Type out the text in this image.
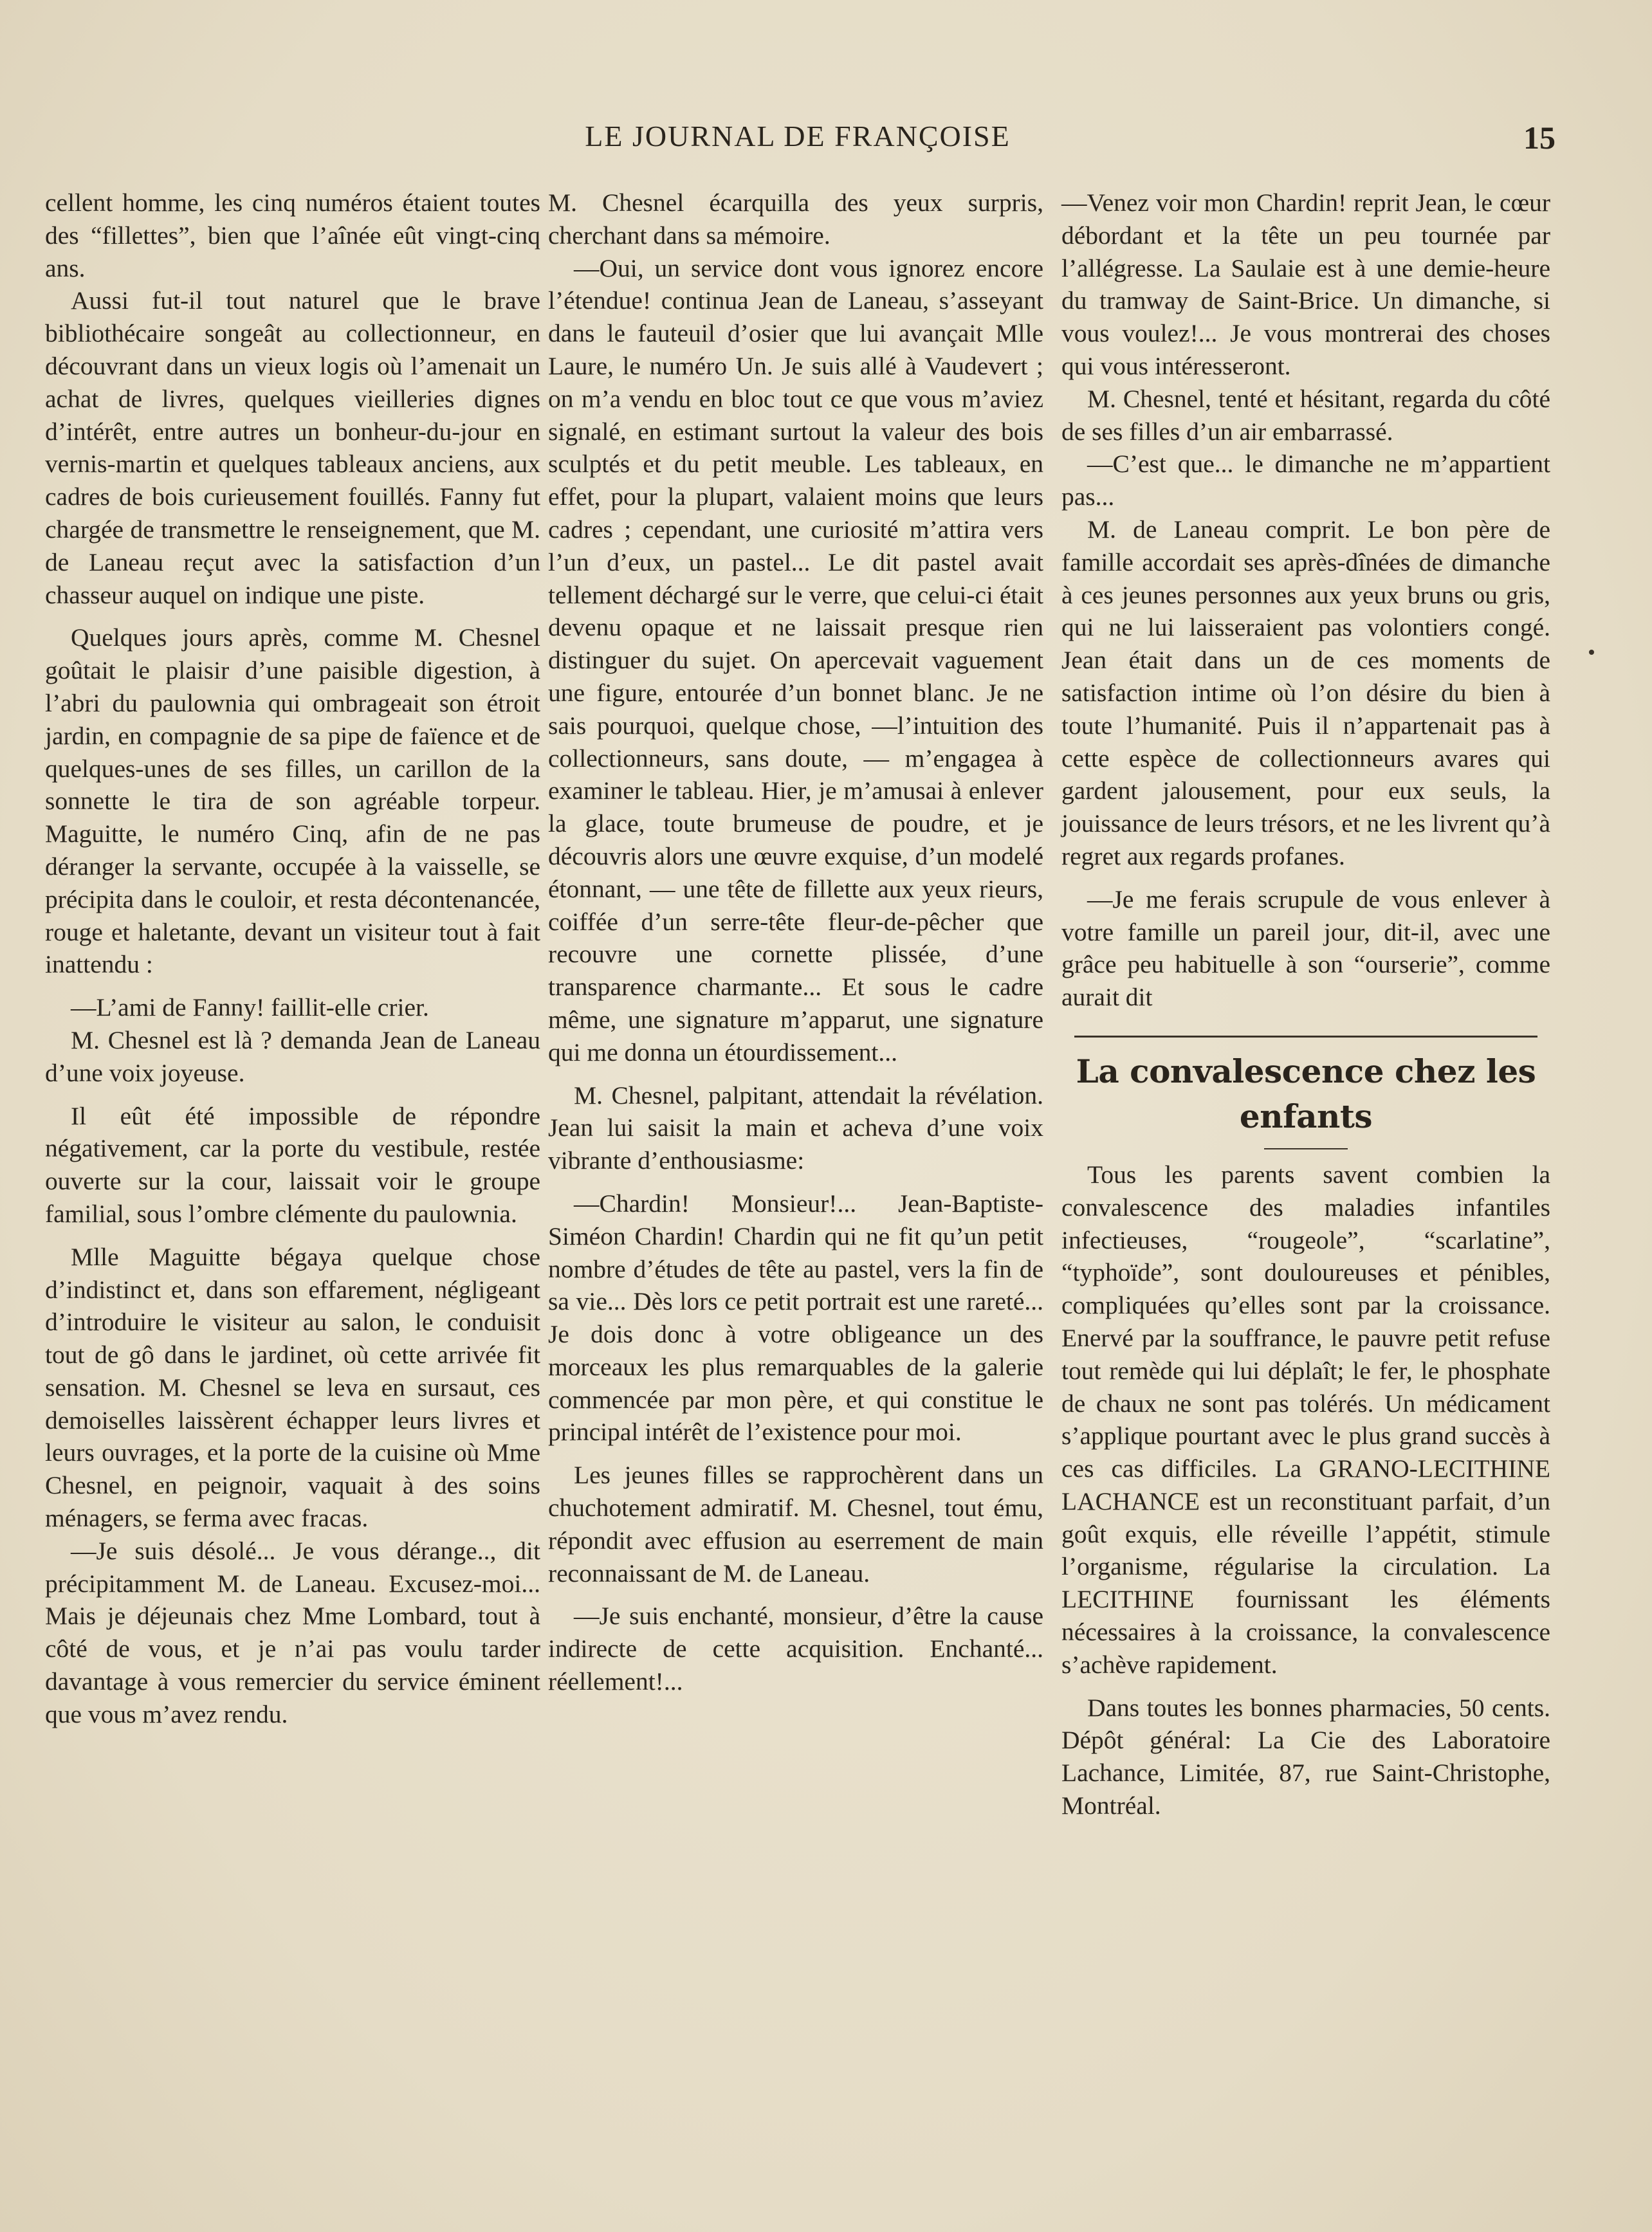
LE JOURNAL DE FRANÇOISE	15

cellent homme, les cinq numéros étaient toutes des “fillettes”, bien que l’aînée eût vingt-cinq ans.

Aussi fut-il tout naturel que le brave bibliothécaire songeât au collectionneur, en découvrant dans un vieux logis où l’amenait un achat de livres, quelques vieilleries dignes d’intérêt, entre autres un bonheur-du-jour en vernis-martin et quelques tableaux anciens, aux cadres de bois curieusement fouillés. Fanny fut chargée de transmettre le renseignement, que M. de Laneau reçut avec la satisfaction d’un chasseur auquel on indique une piste.

Quelques jours après, comme M. Chesnel goûtait le plaisir d’une paisible digestion, à l’abri du paulownia qui ombrageait son étroit jardin, en compagnie de sa pipe de faïence et de quelques-unes de ses filles, un carillon de la sonnette le tira de son agréable torpeur. Maguitte, le numéro Cinq, afin de ne pas déranger la servante, occupée à la vaisselle, se précipita dans le couloir, et resta décontenancée, rouge et haletante, devant un visiteur tout à fait inattendu :

—L’ami de Fanny! faillit-elle crier.

M. Chesnel est là ? demanda Jean de Laneau d’une voix joyeuse.

Il eût été impossible de répondre négativement, car la porte du vestibule, restée ouverte sur la cour, laissait voir le groupe familial, sous l’ombre clémente du paulownia.

Mlle Maguitte bégaya quelque chose d’indistinct et, dans son effarement, négligeant d’introduire le visiteur au salon, le conduisit tout de gô dans le jardinet, où cette arrivée fit sensation. M. Chesnel se leva en sursaut, ces demoiselles laissèrent échapper leurs livres et leurs ouvrages, et la porte de la cuisine où Mme Chesnel, en peignoir, vaquait à des soins ménagers, se ferma avec fracas.

—Je suis désolé... Je vous dérange.., dit précipitamment M. de Laneau. Excusez-moi... Mais je déjeunais chez Mme Lombard, tout à côté de vous, et je n’ai pas voulu tarder davantage à vous remercier du service éminent que vous m’avez rendu.

M. Chesnel écarquilla des yeux surpris, cherchant dans sa mémoire.

—Oui, un service dont vous ignorez encore l’étendue! continua Jean de Laneau, s’asseyant dans le fauteuil d’osier que lui avançait Mlle Laure, le numéro Un. Je suis allé à Vaudevert ; on m’a vendu en bloc tout ce que vous m’aviez signalé, en estimant surtout la valeur des bois sculptés et du petit meuble. Les tableaux, en effet, pour la plupart, valaient moins que leurs cadres ; cependant, une curiosité m’attira vers l’un d’eux, un pastel... Le dit pastel avait tellement déchargé sur le verre, que celui-ci était devenu opaque et ne laissait presque rien distinguer du sujet. On apercevait vaguement une figure, entourée d’un bonnet blanc. Je ne sais pourquoi, quelque chose, —l’intuition des collectionneurs, sans doute, — m’engagea à examiner le tableau. Hier, je m’amusai à enlever la glace, toute brumeuse de poudre, et je découvris alors une œuvre exquise, d’un modelé étonnant, — une tête de fillette aux yeux rieurs, coiffée d’un serre-tête fleur-de-pêcher que recouvre une cornette plissée, d’une transparence charmante... Et sous le cadre même, une signature m’apparut, une signature qui me donna un étourdissement...

M. Chesnel, palpitant, attendait la révélation. Jean lui saisit la main et acheva d’une voix vibrante d’enthousiasme:

—Chardin! Monsieur!... Jean-Baptiste-Siméon Chardin! Chardin qui ne fit qu’un petit nombre d’études de tête au pastel, vers la fin de sa vie... Dès lors ce petit portrait est une rareté... Je dois donc à votre obligeance un des morceaux les plus remarquables de la galerie commencée par mon père, et qui constitue le principal intérêt de l’existence pour moi.

Les jeunes filles se rapprochèrent dans un chuchotement admiratif. M. Chesnel, tout ému, répondit avec effusion au eserrement de main reconnaissant de M. de Laneau.

—Je suis enchanté, monsieur, d’être la cause indirecte de cette acquisition. Enchanté... réellement!...

—Venez voir mon Chardin! reprit Jean, le cœur débordant et la tête un peu tournée par l’allégresse. La Saulaie est à une demie-heure du tramway de Saint-Brice. Un dimanche, si vous voulez!... Je vous montrerai des choses qui vous intéresseront.

M. Chesnel, tenté et hésitant, regarda du côté de ses filles d’un air embarrassé.

—C’est que... le dimanche ne m’appartient pas...

M. de Laneau comprit. Le bon père de famille accordait ses après-dînées de dimanche à ces jeunes personnes aux yeux bruns ou gris, qui ne lui laisseraient pas volontiers congé. Jean était dans un de ces moments de satisfaction intime où l’on désire du bien à toute l’humanité. Puis il n’appartenait pas à cette espèce de collectionneurs avares qui gardent jalousement, pour eux seuls, la jouissance de leurs trésors, et ne les livrent qu’à regret aux regards profanes.

—Je me ferais scrupule de vous enlever à votre famille un pareil jour, dit-il, avec une grâce peu habituelle à son “ourserie”, comme aurait dit

La convalescence chez les enfants

Tous les parents savent combien la convalescence des maladies infantiles infectieuses, “rougeole”, “scarlatine”, “typhoïde”, sont douloureuses et pénibles, compliquées qu’elles sont par la croissance. Enervé par la souffrance, le pauvre petit refuse tout remède qui lui déplaît; le fer, le phosphate de chaux ne sont pas tolérés. Un médicament s’applique pourtant avec le plus grand succès à ces cas difficiles. La GRANO-LECITHINE LACHANCE est un reconstituant parfait, d’un goût exquis, elle réveille l’appétit, stimule l’organisme, régularise la circulation. La LECITHINE fournissant les éléments nécessaires à la croissance, la convalescence s’achève rapidement.

Dans toutes les bonnes pharmacies, 50 cents. Dépôt général: La Cie des Laboratoire Lachance, Limitée, 87, rue Saint-Christophe, Montréal.
